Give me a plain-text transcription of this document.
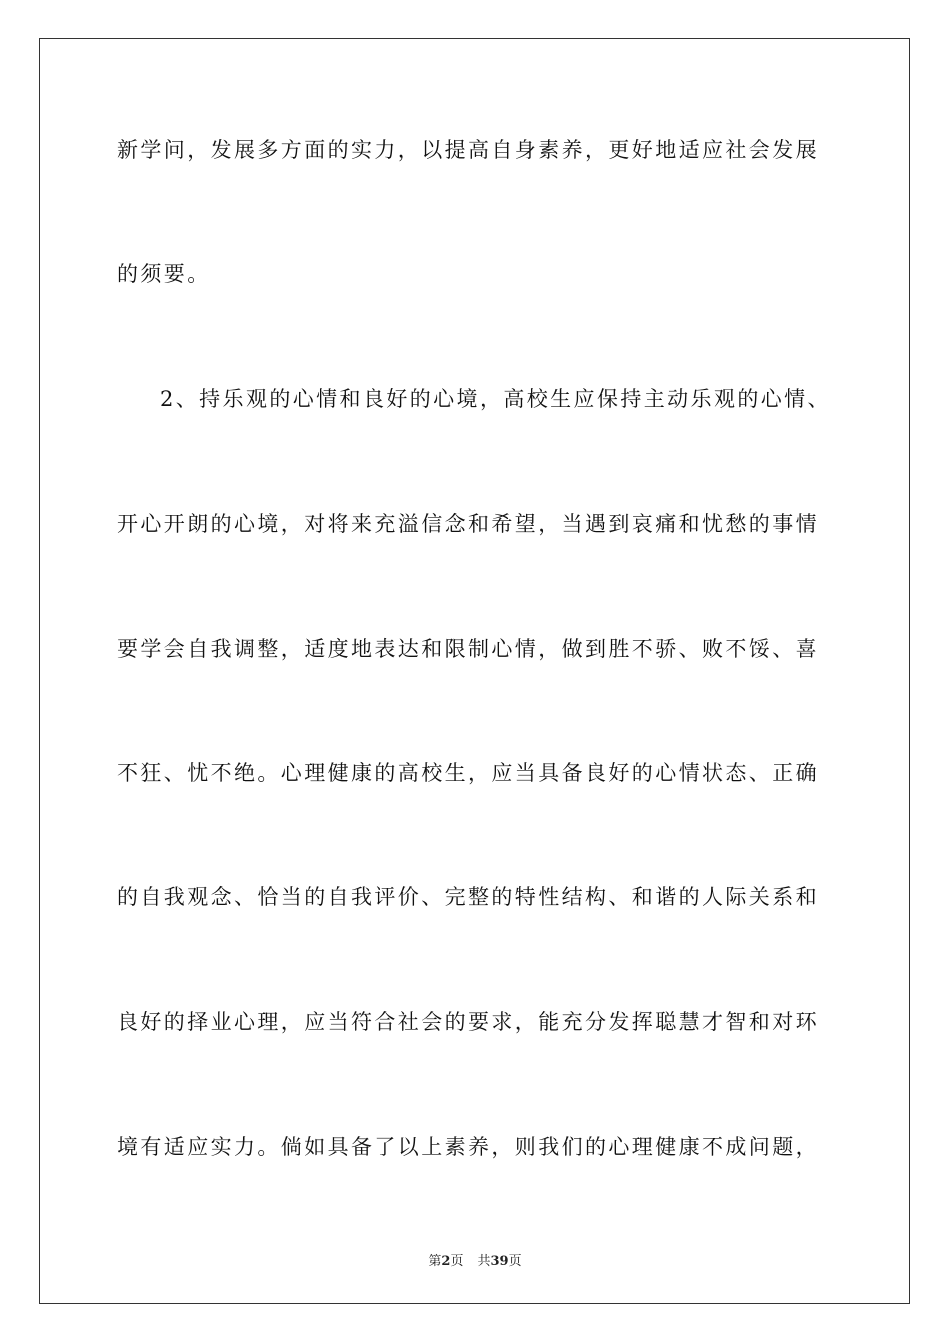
新学问，发展多方面的实力，以提高自身素养，更好地适应社会发展
的须要。
2、持乐观的心情和良好的心境，高校生应保持主动乐观的心情、
开心开朗的心境，对将来充溢信念和希望，当遇到哀痛和忧愁的事情
要学会自我调整，适度地表达和限制心情，做到胜不骄、败不馁、喜
不狂、忧不绝。心理健康的高校生，应当具备良好的心情状态、正确
的自我观念、恰当的自我评价、完整的特性结构、和谐的人际关系和
良好的择业心理，应当符合社会的要求，能充分发挥聪慧才智和对环
境有适应实力。倘如具备了以上素养，则我们的心理健康不成问题，
第2页 共39页
